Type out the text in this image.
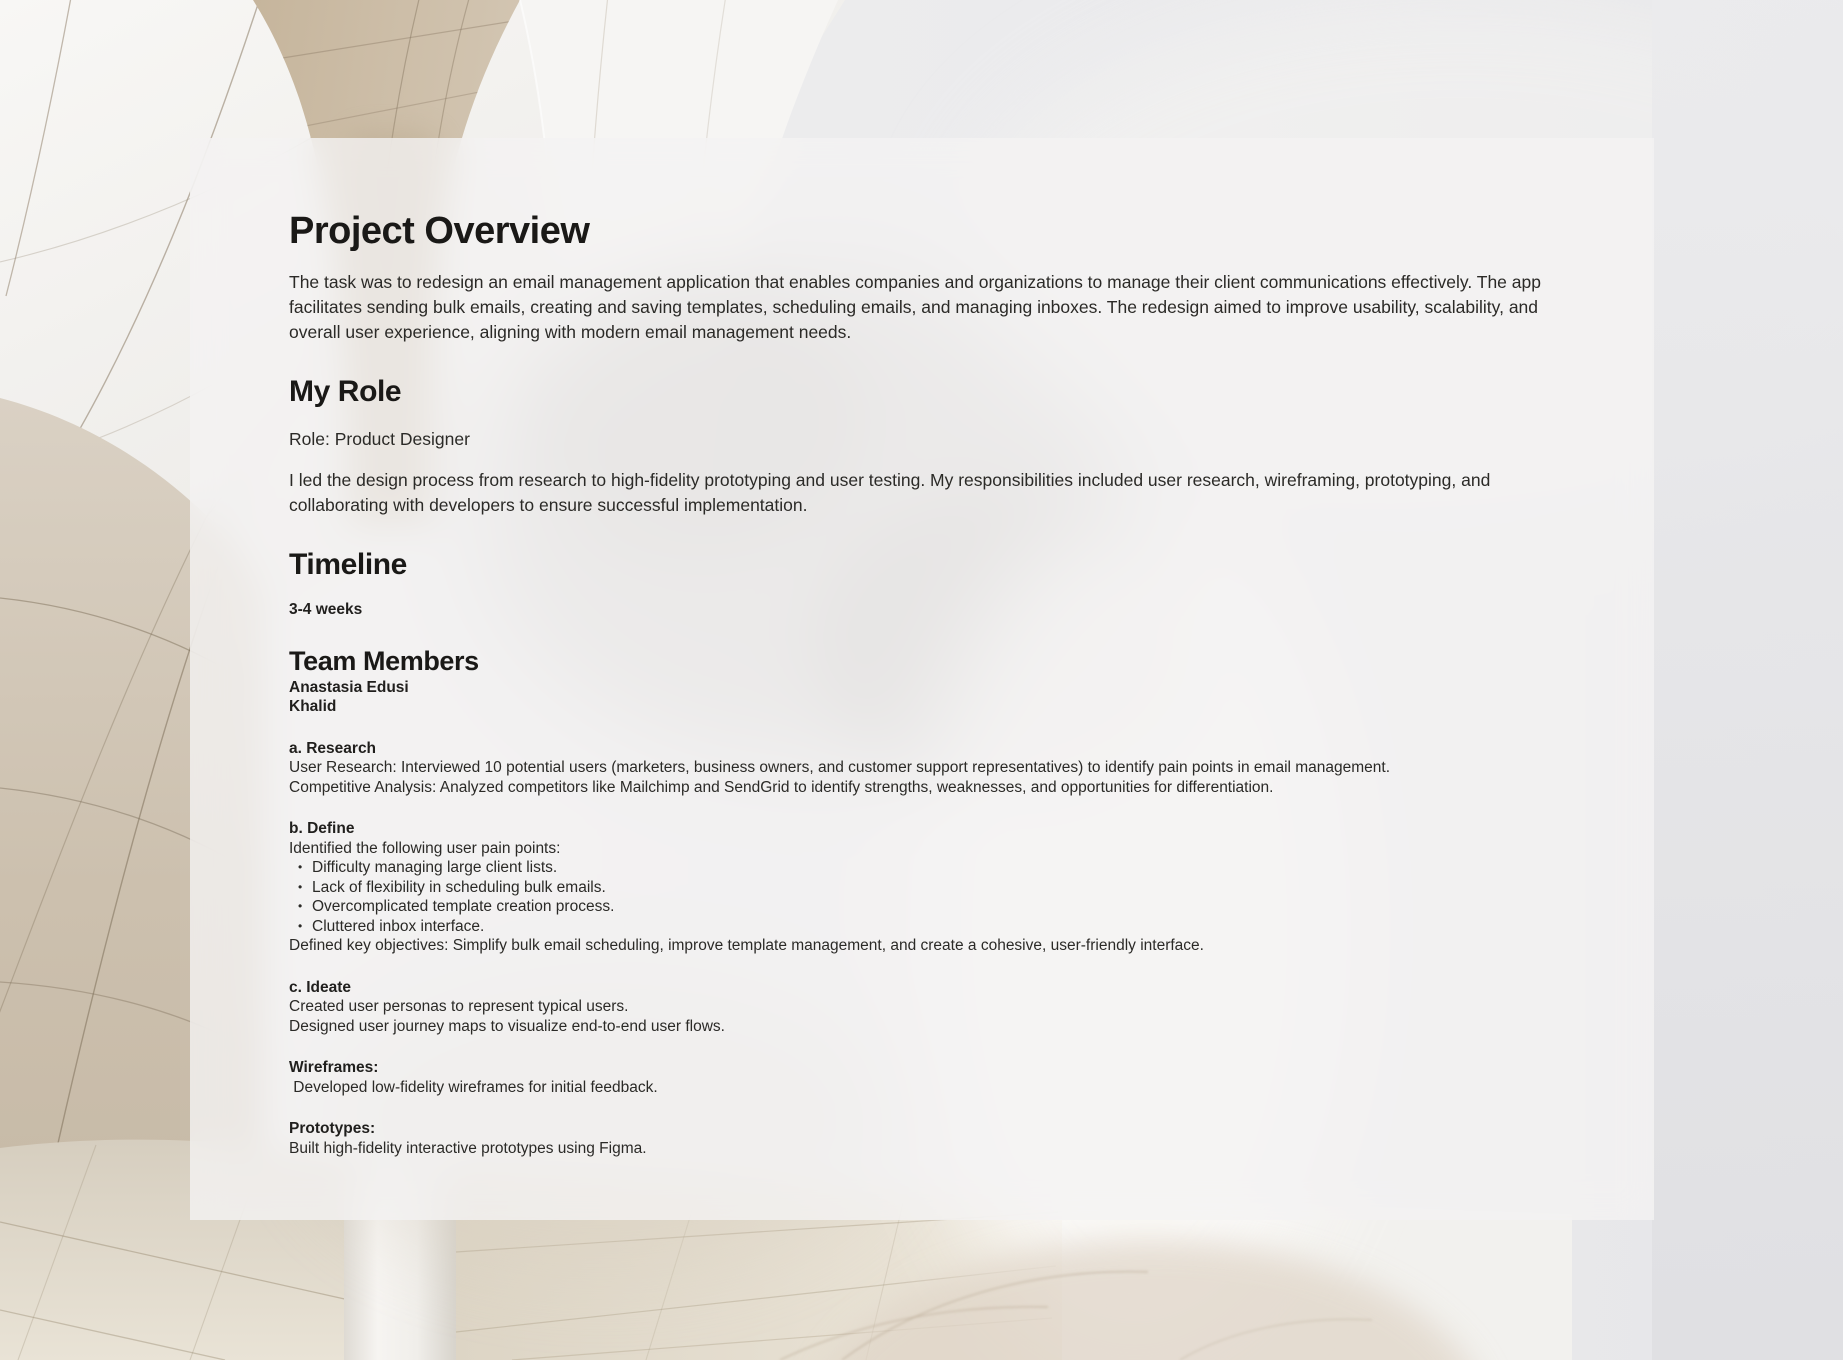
Project Overview

The task was to redesign an email management application that enables companies and organizations to manage their client communications effectively. The app facilitates sending bulk emails, creating and saving templates, scheduling emails, and managing inboxes. The redesign aimed to improve usability, scalability, and overall user experience, aligning with modern email management needs.

My Role

Role: Product Designer

I led the design process from research to high-fidelity prototyping and user testing. My responsibilities included user research, wireframing, prototyping, and collaborating with developers to ensure successful implementation.

Timeline

3-4 weeks

Team Members

Anastasia Edusi

Khalid

a. Research

User Research: Interviewed 10 potential users (marketers, business owners, and customer support representatives) to identify pain points in email management.

Competitive Analysis: Analyzed competitors like Mailchimp and SendGrid to identify strengths, weaknesses, and opportunities for differentiation.

b. Define

Identified the following user pain points:

• Difficulty managing large client lists.

• Lack of flexibility in scheduling bulk emails.

• Overcomplicated template creation process.

• Cluttered inbox interface.

Defined key objectives: Simplify bulk email scheduling, improve template management, and create a cohesive, user-friendly interface.

c. Ideate

Created user personas to represent typical users.

Designed user journey maps to visualize end-to-end user flows.

Wireframes:

Developed low-fidelity wireframes for initial feedback.

Prototypes:

Built high-fidelity interactive prototypes using Figma.
